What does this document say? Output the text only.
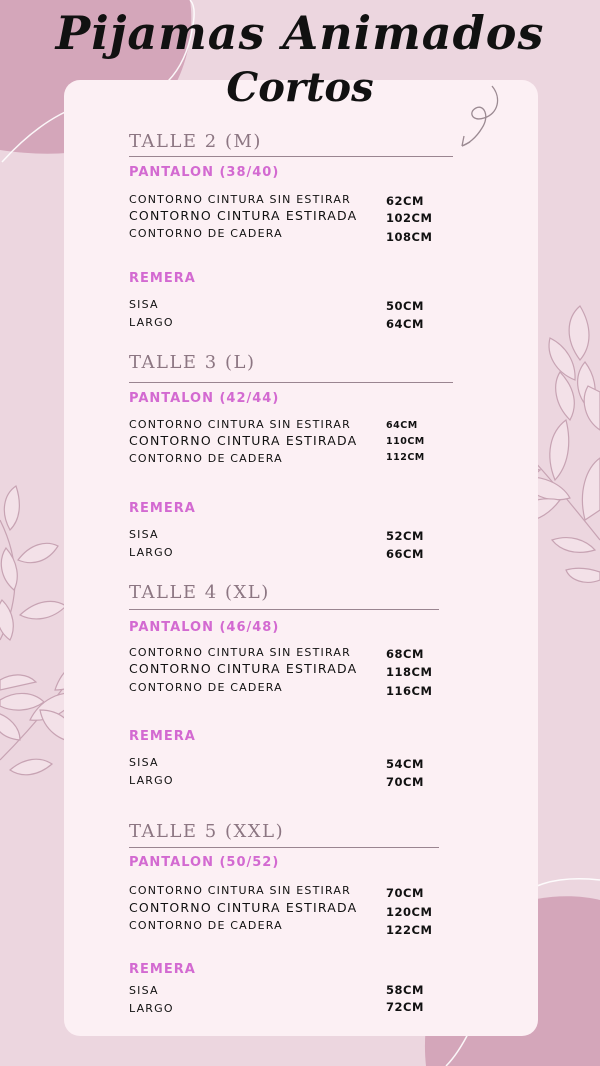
Pijamas Animados
Cortos
TALLE 2 (M)
PANTALON (38/40)
CONTORNO CINTURA SIN ESTIRAR	62CM
CONTORNO CINTURA ESTIRADA 102CM
CONTORNO DE CADERA	108CM
REMERA
SISA	50CM
LARGO	64CM
TALLE 3 (L)
PANTALON (42/44)
CONTORNO CINTURA SIN ESTIRAR	64CM
CONTORNO CINTURA ESTIRADA	110CM
CONTORNO DE CADERA	112CM
REMERA
SISA	52CM
LARGO	66CM
TALLE 4 (XL)
PANTALON (46/48)
CONTORNO CINTURA SIN ESTIRAR	68CM
CONTORNO CINTURA ESTIRADA 118CM
CONTORNO DE CADERA	116CM
REMERA
SISA	54CM
LARGO	70CM
TALLE 5 (XXL)
PANTALON (50/52)
CONTORNO CINTURA SIN ESTIRAR	70CM
CONTORNO CINTURA ESTIRADA 120CM
CONTORNO DE CADERA	122CM
REMERA
SISA	58CM
LARGO	72CM
